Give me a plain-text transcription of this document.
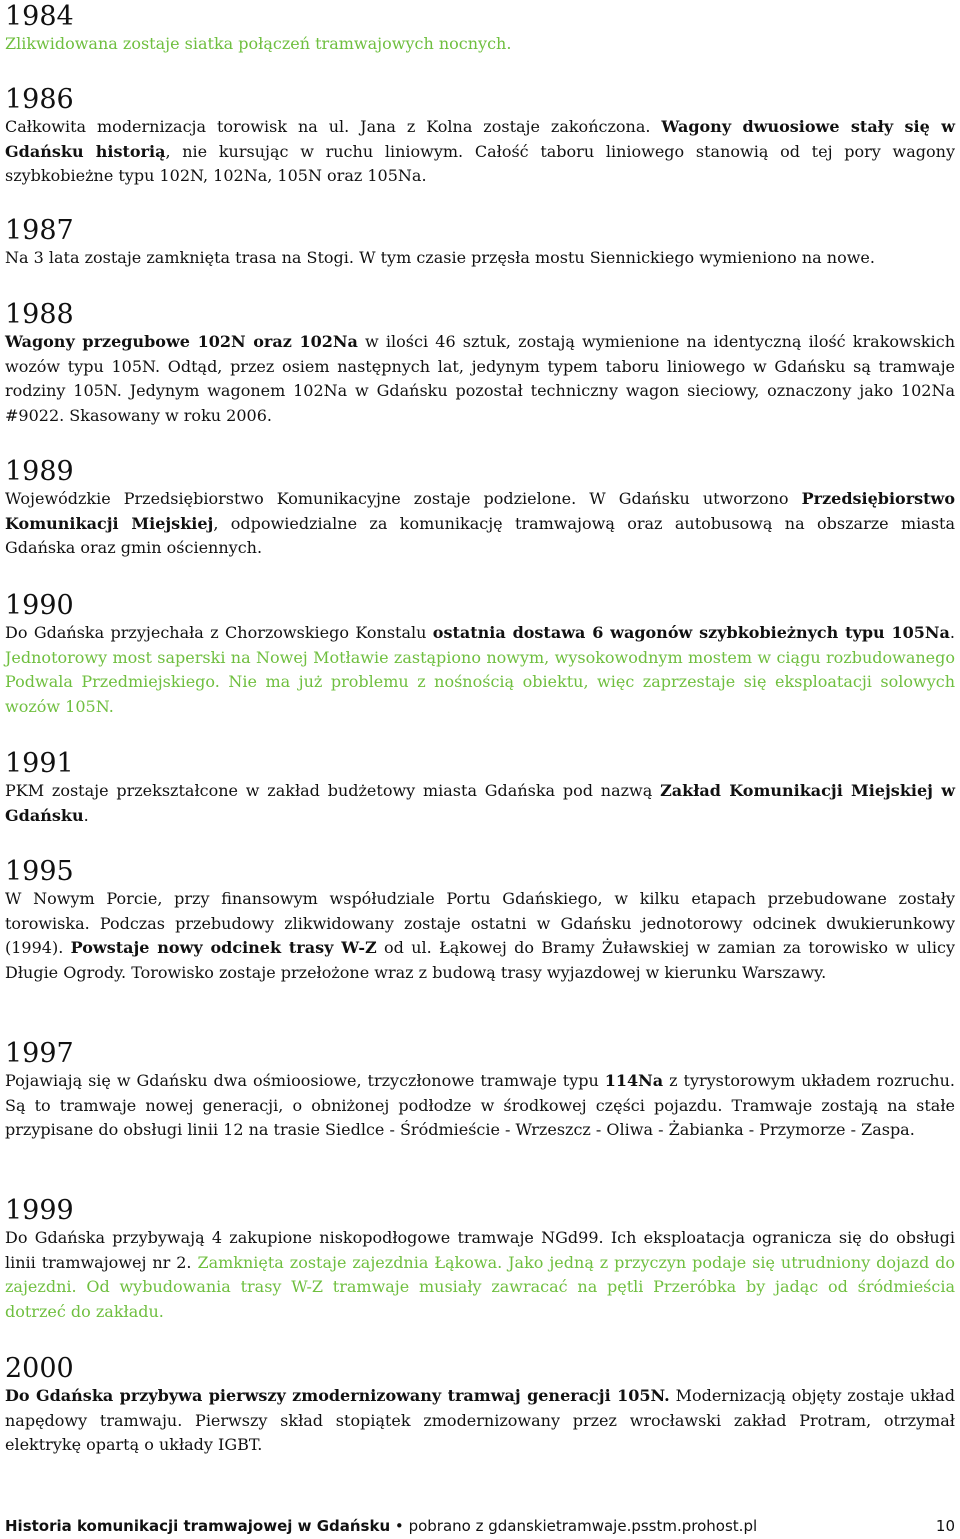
1984

Zlikwidowana zostaje siatka połączeń tramwajowych nocnych.

1986

Całkowita modernizacja torowisk na ul. Jana z Kolna zostaje zakończona. Wagony dwuosiowe stały się w Gdańsku historią, nie kursując w ruchu liniowym. Całość taboru liniowego stanowią od tej pory wagony szybkobieżne typu 102N, 102Na, 105N oraz 105Na.

1987

Na 3 lata zostaje zamknięta trasa na Stogi. W tym czasie przęsła mostu Siennickiego wymieniono na nowe.

1988

Wagony przegubowe 102N oraz 102Na w ilości 46 sztuk, zostają wymienione na identyczną ilość krakowskich wozów typu 105N. Odtąd, przez osiem następnych lat, jedynym typem taboru liniowego w Gdańsku są tramwaje rodziny 105N. Jedynym wagonem 102Na w Gdańsku pozostał techniczny wagon sieciowy, oznaczony jako 102Na #9022. Skasowany w roku 2006.

1989

Wojewódzkie Przedsiębiorstwo Komunikacyjne zostaje podzielone. W Gdańsku utworzono Przedsiębiorstwo Komunikacji Miejskiej, odpowiedzialne za komunikację tramwajową oraz autobusową na obszarze miasta Gdańska oraz gmin ościennych.

1990

Do Gdańska przyjechała z Chorzowskiego Konstalu ostatnia dostawa 6 wagonów szybkobieżnych typu 105Na. Jednotorowy most saperski na Nowej Motławie zastąpiono nowym, wysokowodnym mostem w ciągu rozbudowanego Podwala Przedmiejskiego. Nie ma już problemu z nośnością obiektu, więc zaprzestaje się eksploatacji solowych wozów 105N.

1991

PKM zostaje przekształcone w zakład budżetowy miasta Gdańska pod nazwą Zakład Komunikacji Miejskiej w Gdańsku.

1995

W Nowym Porcie, przy finansowym współudziale Portu Gdańskiego, w kilku etapach przebudowane zostały torowiska. Podczas przebudowy zlikwidowany zostaje ostatni w Gdańsku jednotorowy odcinek dwukierunkowy (1994). Powstaje nowy odcinek trasy W-Z od ul. Łąkowej do Bramy Żuławskiej w zamian za torowisko w ulicy Długie Ogrody. Torowisko zostaje przełożone wraz z budową trasy wyjazdowej w kierunku Warszawy.

1997

Pojawiają się w Gdańsku dwa ośmioosiowe, trzyczłonowe tramwaje typu 114Na z tyrystorowym układem rozruchu. Są to tramwaje nowej generacji, o obniżonej podłodze w środkowej części pojazdu. Tramwaje zostają na stałe przypisane do obsługi linii 12 na trasie Siedlce - Śródmieście - Wrzeszcz - Oliwa - Żabianka - Przymorze - Zaspa.

1999

Do Gdańska przybywają 4 zakupione niskopodłogowe tramwaje NGd99. Ich eksploatacja ogranicza się do obsługi linii tramwajowej nr 2. Zamknięta zostaje zajezdnia Łąkowa. Jako jedną z przyczyn podaje się utrudniony dojazd do zajezdni. Od wybudowania trasy W-Z tramwaje musiały zawracać na pętli Przeróbka by jadąc od śródmieścia dotrzeć do zakładu.

2000

Do Gdańska przybywa pierwszy zmodernizowany tramwaj generacji 105N. Modernizacją objęty zostaje układ napędowy tramwaju. Pierwszy skład stopiątek zmodernizowany przez wrocławski zakład Protram, otrzymał elektrykę opartą o układy IGBT.

Historia komunikacji tramwajowej w Gdańsku • pobrano z gdanskietramwaje.psstm.prohost.pl	10
